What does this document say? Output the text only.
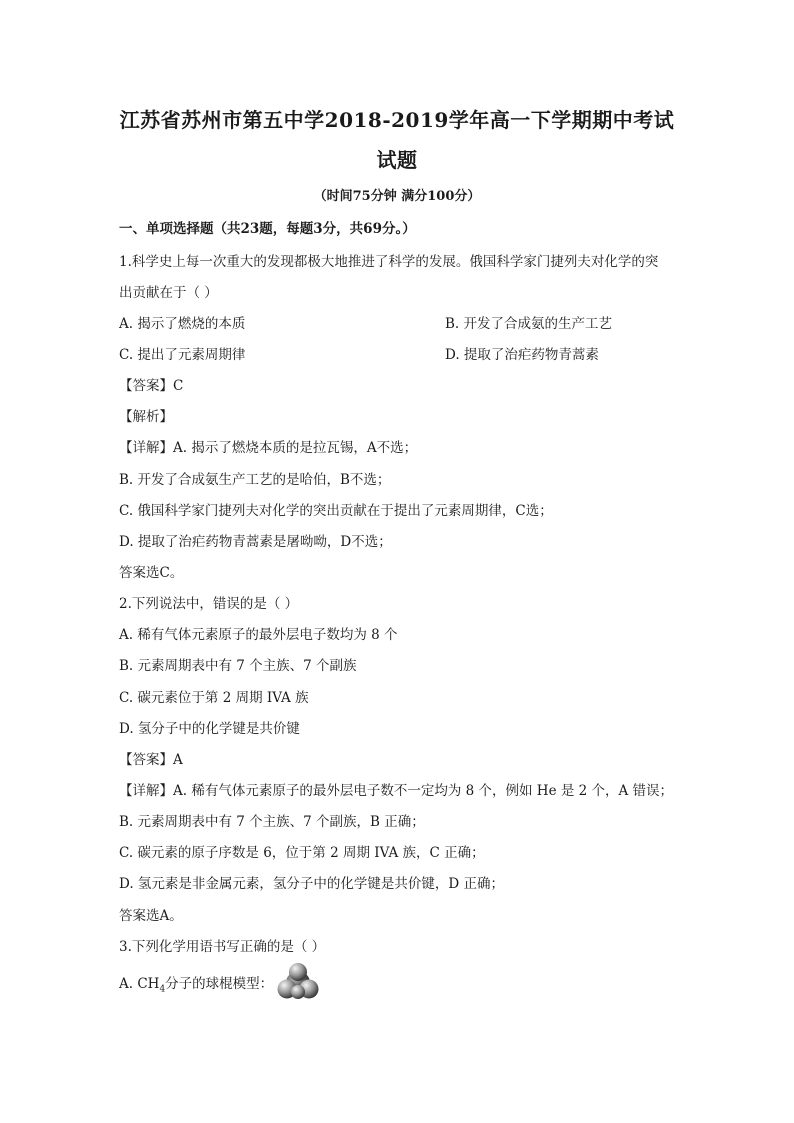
江苏省苏州市第五中学2018-2019学年高一下学期期中考试
试题
（时间75分钟 满分100分）
一、单项选择题（共23题，每题3分，共69分。）
1.科学史上每一次重大的发现都极大地推进了科学的发展。俄国科学家门捷列夫对化学的突
出贡献在于（ ）
A. 揭示了燃烧的本质	B. 开发了合成氨的生产工艺
C. 提出了元素周期律	D. 提取了治疟药物青蒿素
【答案】C
【解析】
【详解】A. 揭示了燃烧本质的是拉瓦锡，A不选；
B. 开发了合成氨生产工艺的是哈伯，B不选；
C. 俄国科学家门捷列夫对化学的突出贡献在于提出了元素周期律，C选；
D. 提取了治疟药物青蒿素是屠呦呦，D不选；
答案选C。
2.下列说法中，错误的是（ ）
A. 稀有气体元素原子的最外层电子数均为 8 个
B. 元素周期表中有 7 个主族、7 个副族
C. 碳元素位于第 2 周期 IVA 族
D. 氢分子中的化学键是共价键
【答案】A
【详解】A. 稀有气体元素原子的最外层电子数不一定均为 8 个，例如 He 是 2 个，A 错误；
B. 元素周期表中有 7 个主族、7 个副族，B 正确；
C. 碳元素的原子序数是 6，位于第 2 周期 IVA 族，C 正确；
D. 氢元素是非金属元素，氢分子中的化学键是共价键，D 正确；
答案选A。
3.下列化学用语书写正确的是（ ）
A. $CH_4$分子的球棍模型：
